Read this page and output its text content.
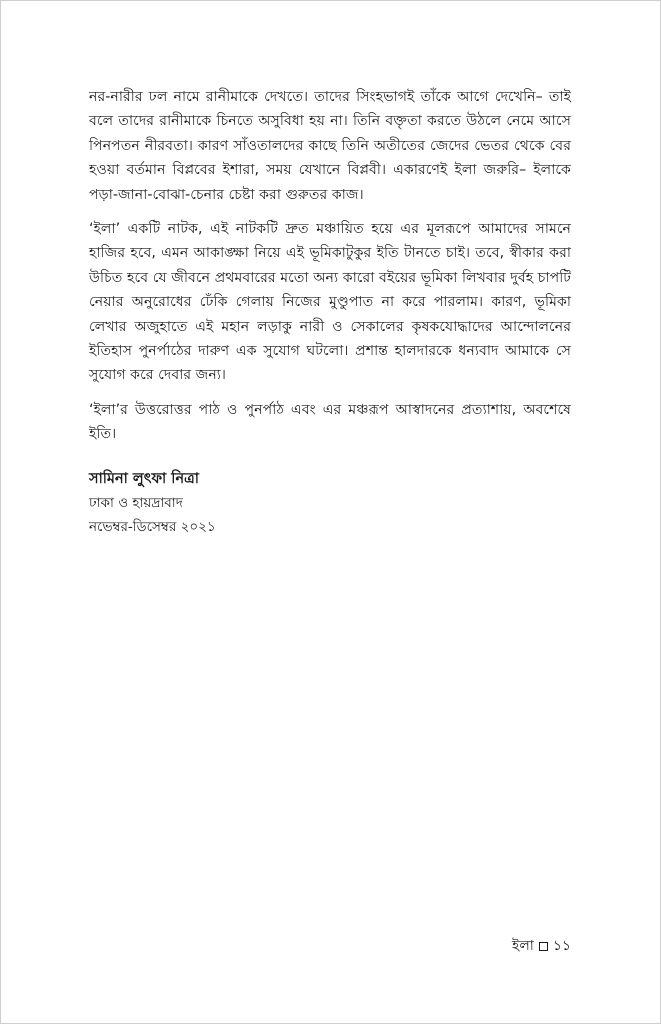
নর-নারীর ঢল নামে রানীমাকে দেখতে। তাদের সিংহভাগই তাঁকে আগে দেখেনি– তাই বলে তাদের রানীমাকে চিনতে অসুবিধা হয় না। তিনি বক্তৃতা করতে উঠলে নেমে আসে পিনপতন নীরবতা। কারণ সাঁওতালদের কাছে তিনি অতীতের জেদের ভেতর থেকে বের হওয়া বর্তমান বিপ্লবের ইশারা, সময় যেখানে বিপ্লবী। একারণেই ইলা জরুরি– ইলাকে পড়া-জানা-বোঝা-চেনার চেষ্টা করা গুরুতর কাজ।

‘ইলা’ একটি নাটক, এই নাটকটি দ্রুত মঞ্চায়িত হয়ে এর মূলরূপে আমাদের সামনে হাজির হবে, এমন আকাঙ্ক্ষা নিয়ে এই ভূমিকাটুকুর ইতি টানতে চাই। তবে, স্বীকার করা উচিত হবে যে জীবনে প্রথমবারের মতো অন্য কারো বইয়ের ভূমিকা লিখবার দুর্বহ চাপটি নেয়ার অনুরোধের ঢেঁকি গেলায় নিজের মুণ্ডুপাত না করে পারলাম। কারণ, ভূমিকা লেখার অজুহাতে এই মহান লড়াকু নারী ও সেকালের কৃষকযোদ্ধাদের আন্দোলনের ইতিহাস পুনর্পাঠের দারুণ এক সুযোগ ঘটলো। প্রশান্ত হালদারকে ধন্যবাদ আমাকে সে সুযোগ করে দেবার জন্য।

‘ইলা’র উত্তরোত্তর পাঠ ও পুনর্পাঠ এবং এর মঞ্চরূপ আস্বাদনের প্রত্যাশায়, অবশেষে ইতি।

সামিনা লুৎফা নিত্রা

ঢাকা ও হায়দ্রাবাদ

নভেম্বর-ডিসেম্বর ২০২১

ইলা ১১
